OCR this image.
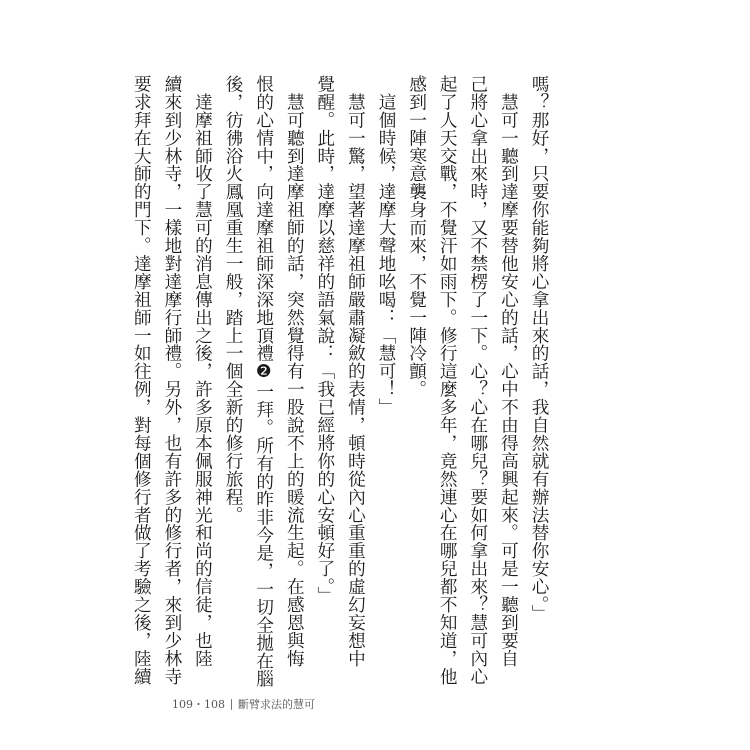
嗎？那好，只要你能夠將心拿出來的話，我自然就有辦法替你安心。」
　慧可一聽到達摩要替他安心的話，心中不由得高興起來。可是一聽到要自
己將心拿出來時，又不禁楞了一下。心？心在哪兒？要如何拿出來？慧可內心
起了人天交戰，不覺汗如雨下。修行這麼多年，竟然連心在哪兒都不知道，他
感到一陣寒意襲身而來，不覺一陣冷顫。
　這個時候，達摩大聲地吆喝：「慧可！」
　慧可一驚，望著達摩祖師嚴肅凝斂的表情，頓時從內心重重的虛幻妄想中
覺醒。此時，達摩以慈祥的語氣說：「我已經將你的心安頓好了。」
　慧可聽到達摩祖師的話，突然覺得有一股說不上的暖流生起。在感恩與悔
恨的心情中，向達摩祖師深深地頂禮❷一拜。所有的昨非今是，一切全拋在腦
後，彷彿浴火鳳凰重生一般，踏上一個全新的修行旅程。
　達摩祖師收了慧可的消息傳出之後，許多原本佩服神光和尚的信徒，也陸
續來到少林寺，一樣地對達摩行師禮。另外，也有許多的修行者，來到少林寺
要求拜在大師的門下。達摩祖師一如往例，對每個修行者做了考驗之後，陸續
109・108 斷臂求法的慧可
